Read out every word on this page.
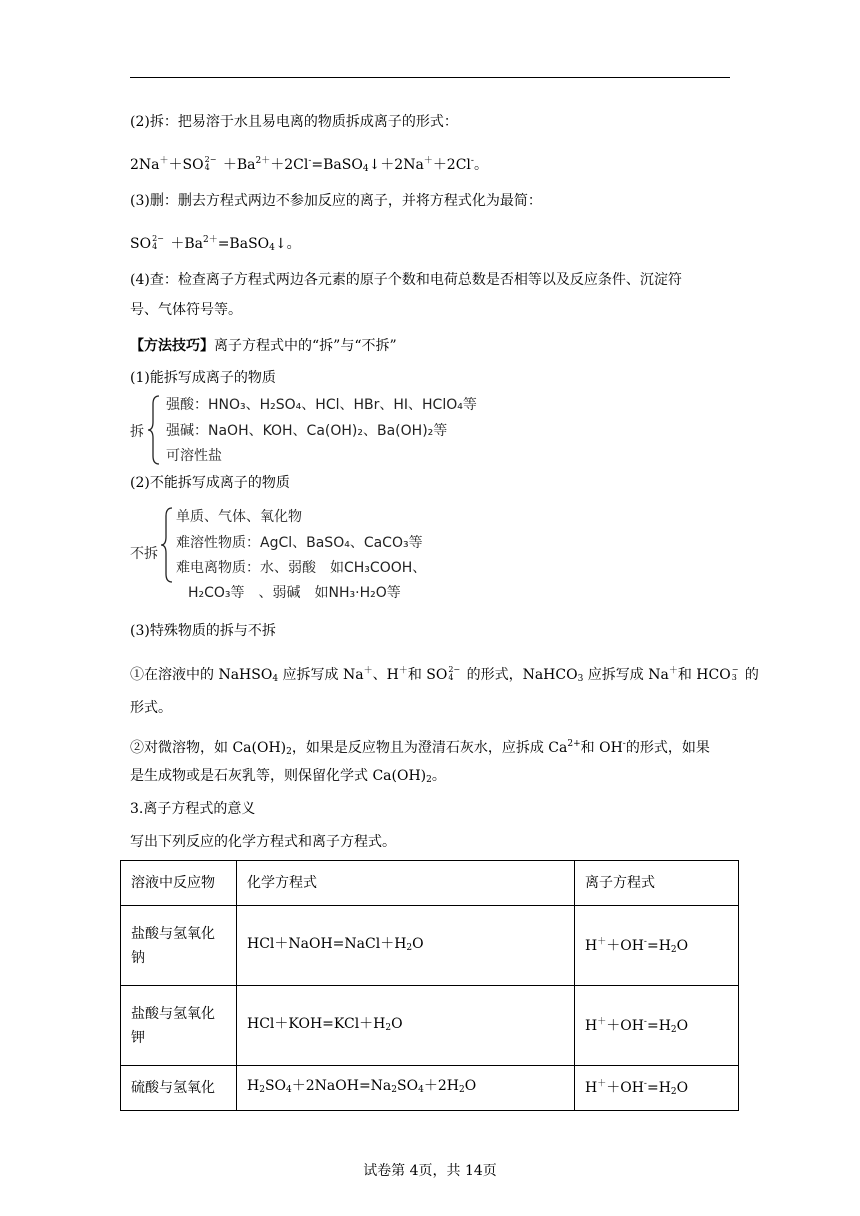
(2)拆：把易溶于水且易电离的物质拆成离子的形式：
2Na＋＋SO 2−
$4 +Ba^{2+}+2Cl^-=BaSO_4↓+2Na^++2Cl^-$。
(3)删：删去方程式两边不参加反应的离子，并将方程式化为最简：
SO 2−
$4 +Ba^{2+}=BaSO_4↓$。
(4)查：检查离子方程式两边各元素的原子个数和电荷总数是否相等以及反应条件、沉淀符
号、气体符号等。
【方法技巧】离子方程式中的“拆”与“不拆”
(1)能拆写成离子的物质
拆
强酸：HNO₃、H₂SO₄、HCl、HBr、HI、HClO₄等
强碱：NaOH、KOH、Ca(OH)₂、Ba(OH)₂等
可溶性盐
(2)不能拆写成离子的物质
不拆
单质、气体、氧化物
难溶性物质：AgCl、BaSO₄、CaCO₃等
难电离物质：水、弱酸　如CH₃COOH、
H₂CO₃等　、弱碱　如NH₃·H₂O等
(3)特殊物质的拆与不拆
①在溶液中的 NaHSO$_4$ 应拆写成 Na＋、H＋和 SO 2−
4 的形式，NaHCO$_3$ 应拆写成 Na＋和 HCO −
3 的
形式。
②对微溶物，如 $Ca(OH)_2$，如果是反应物且为澄清石灰水，应拆成 $Ca^{2+}$和 OH-的形式，如果
是生成物或是石灰乳等，则保留化学式 $Ca(OH)_2$。
3.离子方程式的意义
写出下列反应的化学方程式和离子方程式。
溶液中反应物	化学方程式	离子方程式
盐酸与氢氧化
钠	$HCl+NaOH=NaCl+H_2O$	$H^++OH^-=H_2O$
盐酸与氢氧化
钾	$HCl+KOH=KCl+H_2O$	$H^++OH^-=H_2O$
硫酸与氢氧化	$H_2SO_4+2NaOH=Na_2SO_4+2H_2O$	$H^++OH^-=H_2O$
试卷第 4页，共 14页
